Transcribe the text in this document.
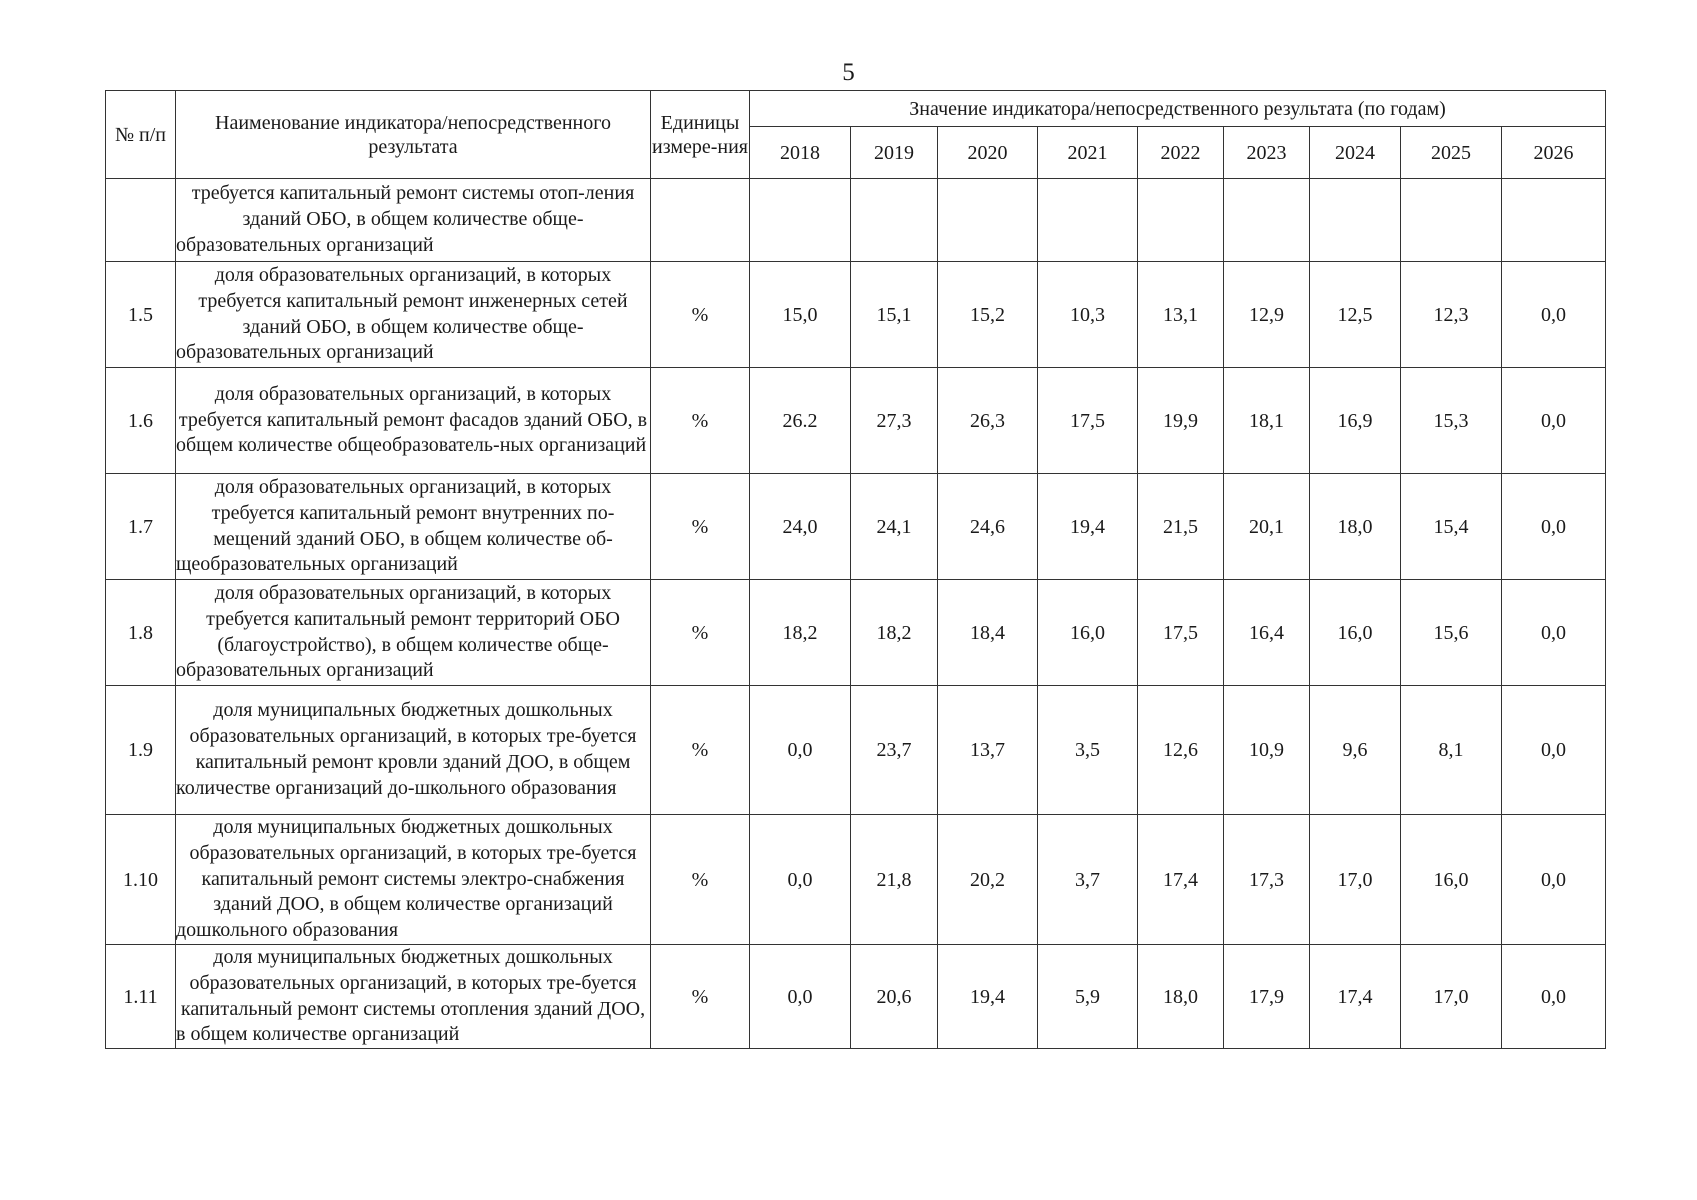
5
№ п/п	Наименование индикатора/непосредственного результата	Единицы измере-ния	Значение индикатора/непосредственного результата (по годам)								
			2018	2019	2020	2021	2022	2023	2024	2025	2026
	требуется капитальный ремонт системы отоп-ления зданий ОБО, в общем количестве обще-образовательных организаций										
1.5	доля образовательных организаций, в которых требуется капитальный ремонт инженерных сетей зданий ОБО, в общем количестве обще-образовательных организаций	%	15,0	15,1	15,2	10,3	13,1	12,9	12,5	12,3	0,0
1.6	доля образовательных организаций, в которых требуется капитальный ремонт фасадов зданий ОБО, в общем количестве общеобразователь-ных организаций	%	26.2	27,3	26,3	17,5	19,9	18,1	16,9	15,3	0,0
1.7	доля образовательных организаций, в которых требуется капитальный ремонт внутренних по-мещений зданий ОБО, в общем количестве об-щеобразовательных организаций	%	24,0	24,1	24,6	19,4	21,5	20,1	18,0	15,4	0,0
1.8	доля образовательных организаций, в которых требуется капитальный ремонт территорий ОБО (благоустройство), в общем количестве обще-образовательных организаций	%	18,2	18,2	18,4	16,0	17,5	16,4	16,0	15,6	0,0
1.9	доля муниципальных бюджетных дошкольных образовательных организаций, в которых тре-буется капитальный ремонт кровли зданий ДОО, в общем количестве организаций до-школьного образования	%	0,0	23,7	13,7	3,5	12,6	10,9	9,6	8,1	0,0
1.10	доля муниципальных бюджетных дошкольных образовательных организаций, в которых тре-буется капитальный ремонт системы электро-снабжения зданий ДОО, в общем количестве организаций дошкольного образования	%	0,0	21,8	20,2	3,7	17,4	17,3	17,0	16,0	0,0
1.11	доля муниципальных бюджетных дошкольных образовательных организаций, в которых тре-буется капитальный ремонт системы отопления зданий ДОО, в общем количестве организаций	%	0,0	20,6	19,4	5,9	18,0	17,9	17,4	17,0	0,0
